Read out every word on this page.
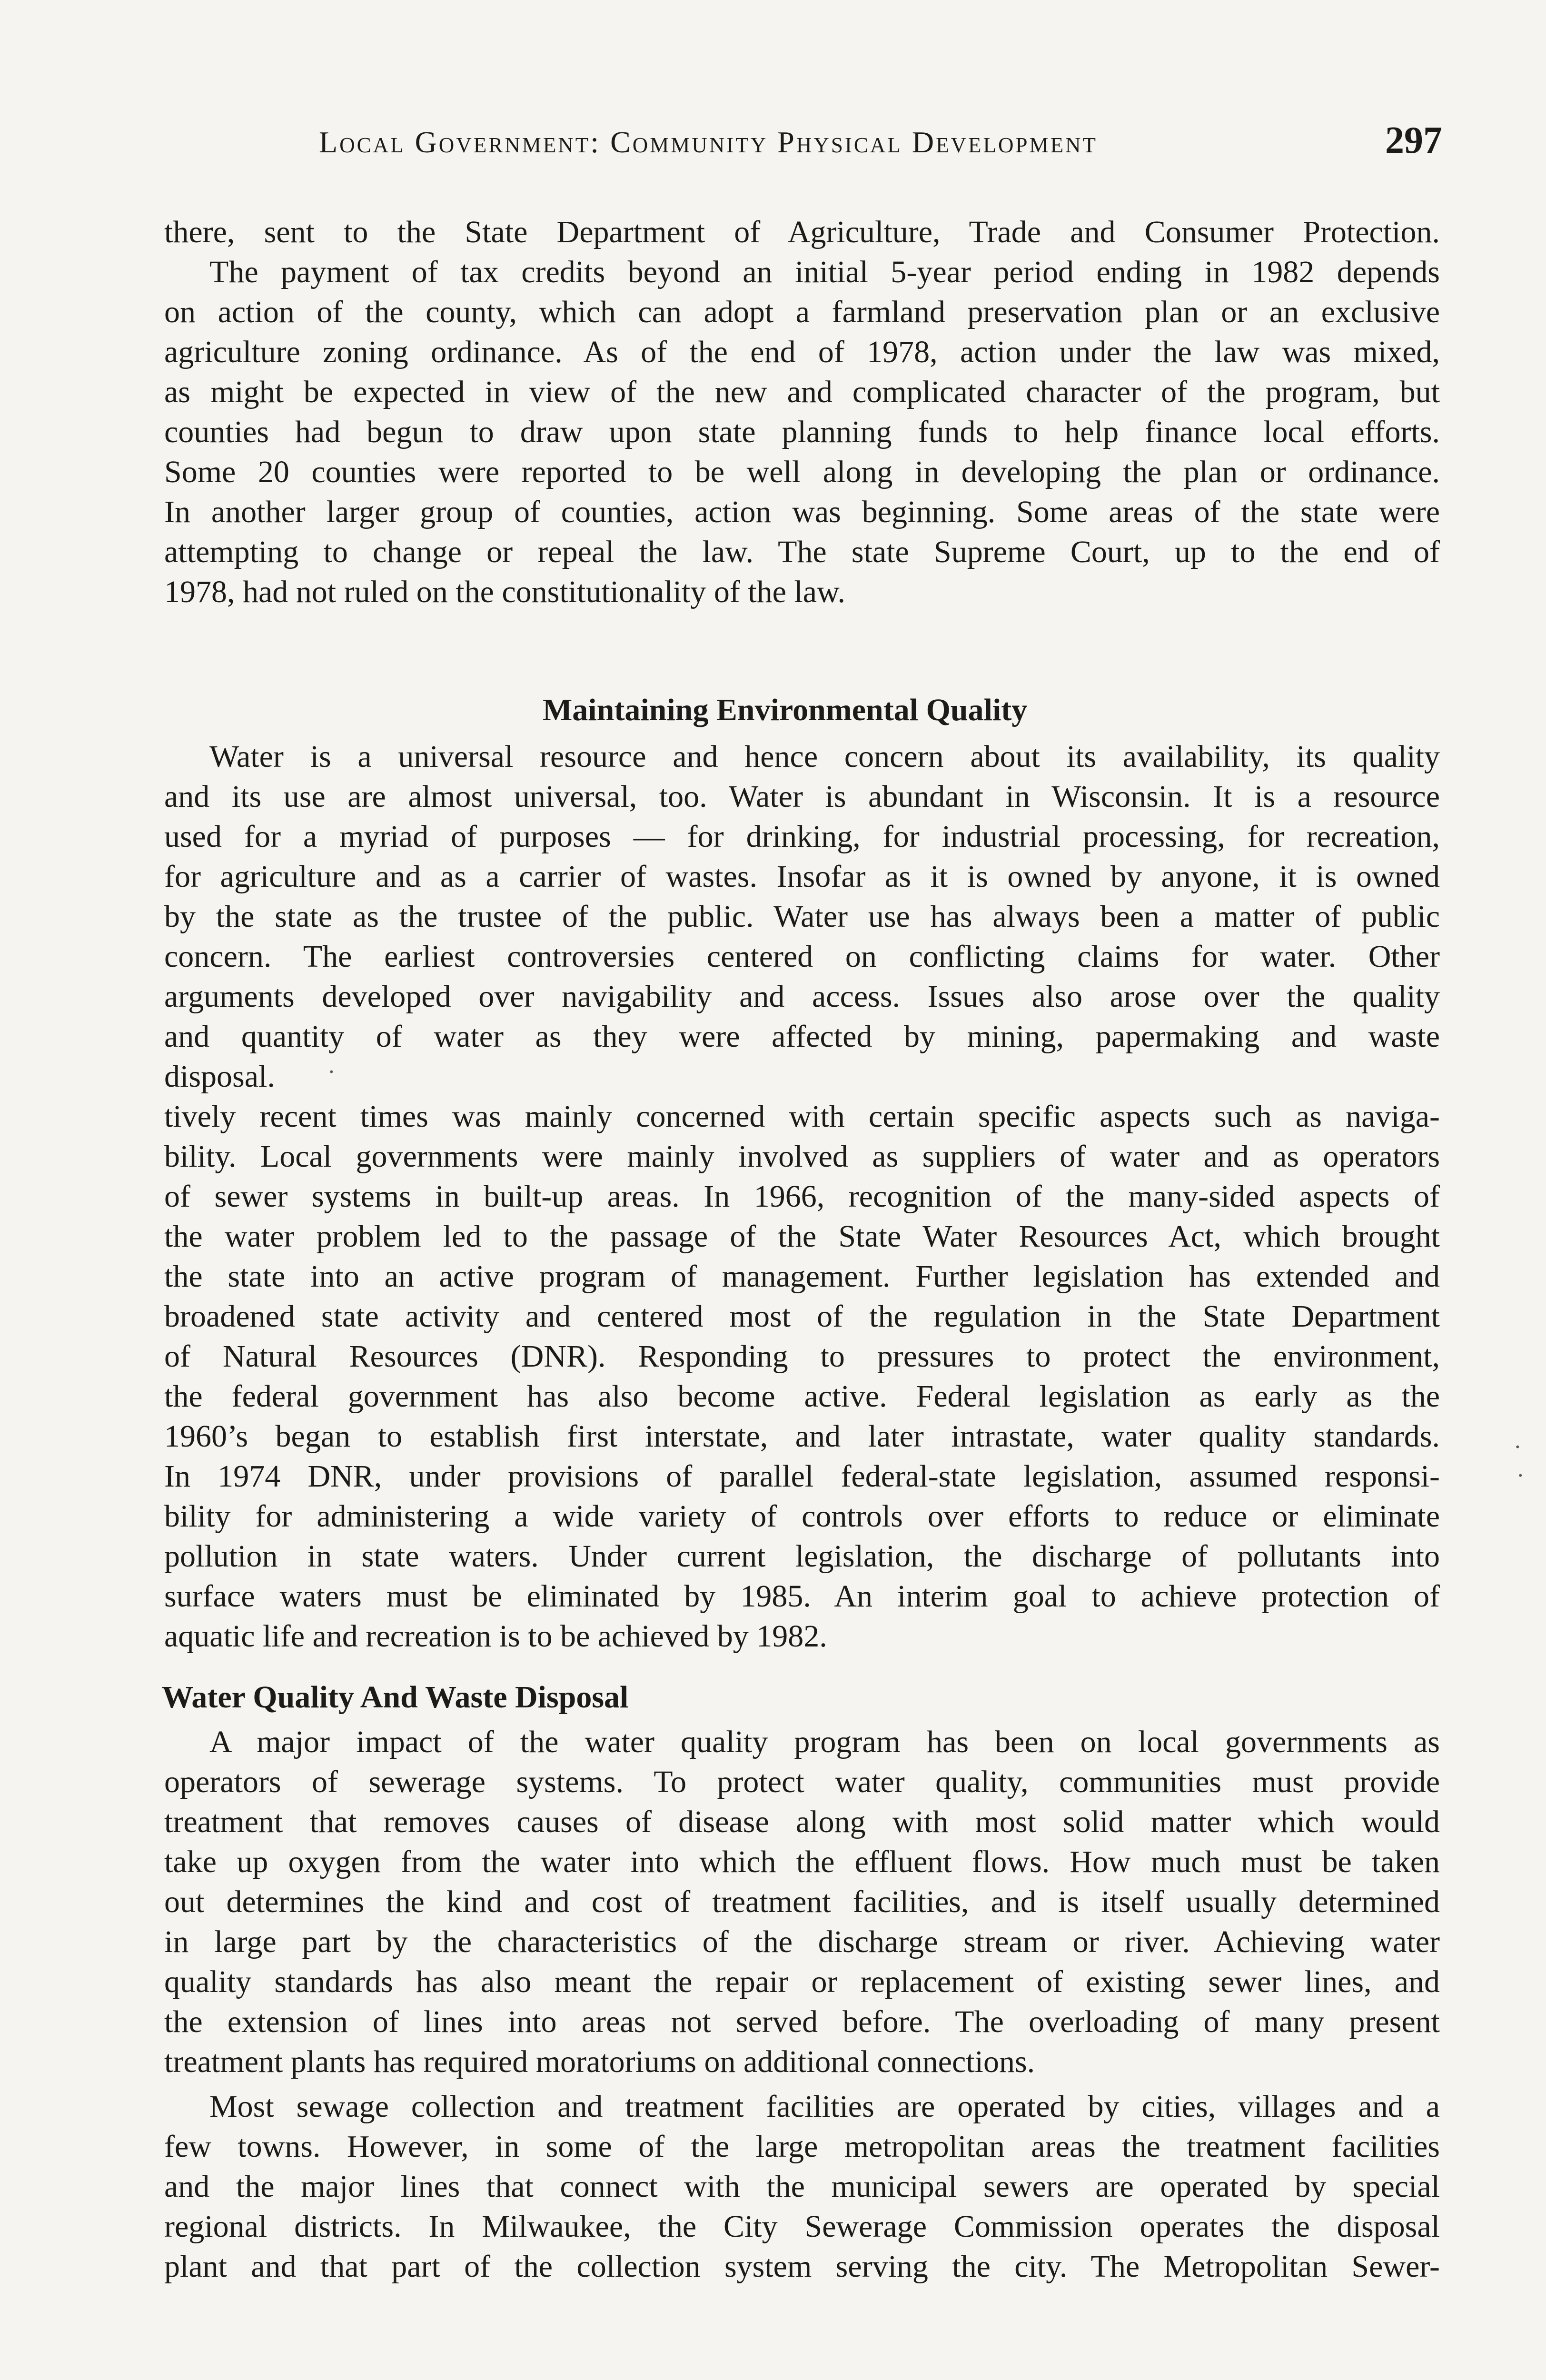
Local Government: Community Physical Development	297
there, sent to the State Department of Agriculture, Trade and Consumer Protection.
The payment of tax credits beyond an initial 5-year period ending in 1982 depends
on action of the county, which can adopt a farmland preservation plan or an exclusive
agriculture zoning ordinance. As of the end of 1978, action under the law was mixed,
as might be expected in view of the new and complicated character of the program, but
counties had begun to draw upon state planning funds to help finance local efforts.
Some 20 counties were reported to be well along in developing the plan or ordinance.
In another larger group of counties, action was beginning. Some areas of the state were
attempting to change or repeal the law. The state Supreme Court, up to the end of
1978, had not ruled on the constitutionality of the law.
Maintaining Environmental Quality
Water is a universal resource and hence concern about its availability, its quality
and its use are almost universal, too. Water is abundant in Wisconsin. It is a resource
used for a myriad of purposes — for drinking, for industrial processing, for recreation,
for agriculture and as a carrier of wastes. Insofar as it is owned by anyone, it is owned
by the state as the trustee of the public. Water use has always been a matter of public
concern. The earliest controversies centered on conflicting claims for water. Other
arguments developed over navigability and access. Issues also arose over the quality
and quantity of water as they were affected by mining, papermaking and waste
disposal.
tively recent times was mainly concerned with certain specific aspects such as naviga-
bility. Local governments were mainly involved as suppliers of water and as operators
of sewer systems in built-up areas. In 1966, recognition of the many-sided aspects of
the water problem led to the passage of the State Water Resources Act, which brought
the state into an active program of management. Further legislation has extended and
broadened state activity and centered most of the regulation in the State Department
of Natural Resources (DNR). Responding to pressures to protect the environment,
the federal government has also become active. Federal legislation as early as the
1960’s began to establish first interstate, and later intrastate, water quality standards.
In 1974 DNR, under provisions of parallel federal-state legislation, assumed responsi-
bility for administering a wide variety of controls over efforts to reduce or eliminate
pollution in state waters. Under current legislation, the discharge of pollutants into
surface waters must be eliminated by 1985. An interim goal to achieve protection of
aquatic life and recreation is to be achieved by 1982.
Water Quality And Waste Disposal
A major impact of the water quality program has been on local governments as
operators of sewerage systems. To protect water quality, communities must provide
treatment that removes causes of disease along with most solid matter which would
take up oxygen from the water into which the effluent flows. How much must be taken
out determines the kind and cost of treatment facilities, and is itself usually determined
in large part by the characteristics of the discharge stream or river. Achieving water
quality standards has also meant the repair or replacement of existing sewer lines, and
the extension of lines into areas not served before. The overloading of many present
treatment plants has required moratoriums on additional connections.
Most sewage collection and treatment facilities are operated by cities, villages and a
few towns. However, in some of the large metropolitan areas the treatment facilities
and the major lines that connect with the municipal sewers are operated by special
regional districts. In Milwaukee, the City Sewerage Commission operates the disposal
plant and that part of the collection system serving the city. The Metropolitan Sewer-
·
·
·
